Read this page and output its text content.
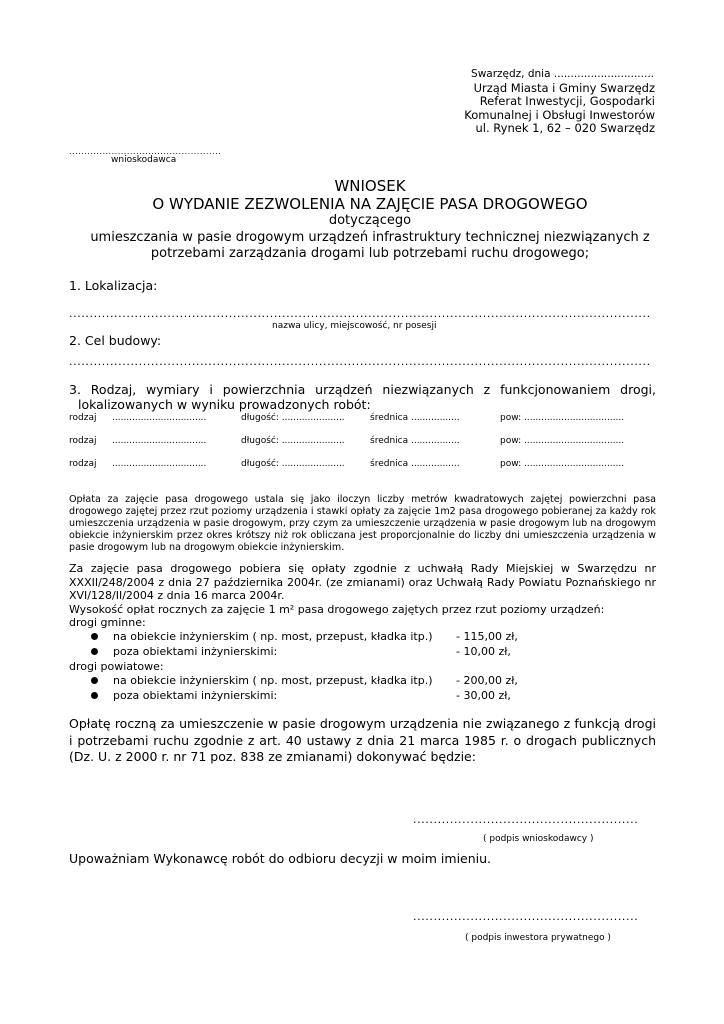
Swarzędz, dnia ..............................
Urząd Miasta i Gminy Swarzędz
Referat Inwestycji, Gospodarki
Komunalnej i Obsługi Inwestorów
ul. Rynek 1, 62 – 020 Swarzędz
..................................................
wnioskodawca
WNIOSEK
O WYDANIE ZEZWOLENIA NA ZAJĘCIE PASA DROGOWEGO
dotyczącego
umieszczania w pasie drogowym urządzeń infrastruktury technicznej niezwiązanych z
potrzebami zarządzania drogami lub potrzebami ruchu drogowego;
1. Lokalizacja:
..............................................................................................................................................
nazwa ulicy, miejscowość, nr posesji
2. Cel budowy:
..............................................................................................................................................
3. Rodzaj, wymiary i powierzchnia urządzeń niezwiązanych z funkcjonowaniem drogi,
lokalizowanych w wyniku prowadzonych robót:
rodzaj .................................	długość: ......................	średnica .................	pow: ...................................
rodzaj .................................	długość: ......................	średnica .................	pow: ...................................
rodzaj .................................	długość: ......................	średnica .................	pow: ...................................
Opłata za zajęcie pasa drogowego ustala się jako iloczyn liczby metrów kwadratowych zajętej powierzchni pasa drogowego zajętej przez rzut poziomy urządzenia i stawki opłaty za zajęcie 1m2 pasa drogowego pobieranej za każdy rok umieszczenia urządzenia w pasie drogowym, przy czym za umieszczenie urządzenia w pasie drogowym lub na drogowym obiekcie inżynierskim przez okres krótszy niż rok obliczana jest proporcjonalnie do liczby dni umieszczenia urządzenia w pasie drogowym lub na drogowym obiekcie inżynierskim.
Za zajęcie pasa drogowego pobiera się opłaty zgodnie z uchwałą Rady Miejskiej w Swarzędzu nr XXXII/248/2004 z dnia 27 października 2004r. (ze zmianami) oraz Uchwałą Rady Powiatu Poznańskiego nr XVI/128/II/2004 z dnia 16 marca 2004r.
Wysokość opłat rocznych za zajęcie 1 m² pasa drogowego zajętych przez rzut poziomy urządzeń:
drogi gminne:
na obiekcie inżynierskim ( np. most, przepust, kładka itp.) - 115,00 zł,
poza obiektami inżynierskimi:	- 10,00 zł,
drogi powiatowe:
na obiekcie inżynierskim ( np. most, przepust, kładka itp.) - 200,00 zł,
poza obiektami inżynierskimi:	- 30,00 zł,
Opłatę roczną za umieszczenie w pasie drogowym urządzenia nie związanego z funkcją drogi i potrzebami ruchu zgodnie z art. 40 ustawy z dnia 21 marca 1985 r. o drogach publicznych (Dz. U. z 2000 r. nr 71 poz. 838 ze zmianami) dokonywać będzie:
.......................................................
( podpis wnioskodawcy )
Upoważniam Wykonawcę robót do odbioru decyzji w moim imieniu.
.......................................................
( podpis inwestora prywatnego )
